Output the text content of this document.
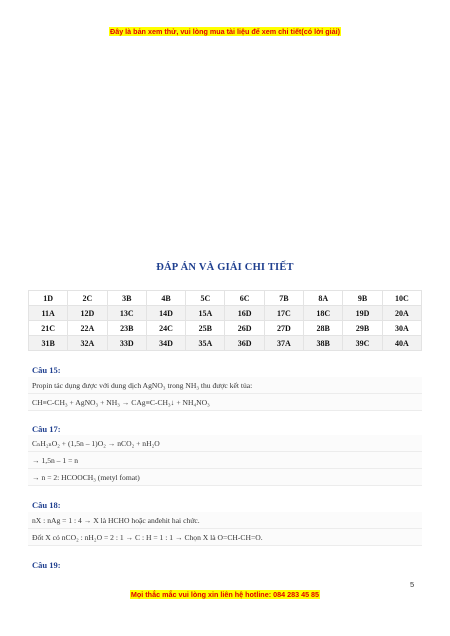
Đây là bản xem thử, vui lòng mua tài liệu để xem chi tiết(có lời giải)
ĐÁP ÁN VÀ GIẢI CHI TIẾT
1D	2C	3B	4B	5C	6C	7B	8A	9B	10C
11A	12D	13C	14D	15A	16D	17C	18C	19D	20A
21C	22A	23B	24C	25B	26D	27D	28B	29B	30A
31B	32A	33D	34D	35A	36D	37A	38B	39C	40A
Câu 15:
Propin tác dụng được với dung dịch AgNO₃ trong NH₃ thu được kết tủa:
CH≡C-CH₃ + AgNO₃ + NH₃ → CAg≡C-CH₃↓ + NH₄NO₃
Câu 17:
CₙH₂ₙO₂ + (1,5n – 1)O₂ → nCO₂ + nH₂O
→ 1,5n – 1 = n
→ n = 2: HCOOCH₃ (metyl fomat)
Câu 18:
nX : nAg = 1 : 4 → X là HCHO hoặc anđehit hai chức.
Đốt X có nCO₂ : nH₂O = 2 : 1 → C : H = 1 : 1 → Chọn X là O=CH-CH=O.
Câu 19:
5
Mọi thắc mắc vui lòng xin liên hệ hotline: 084 283 45 85
